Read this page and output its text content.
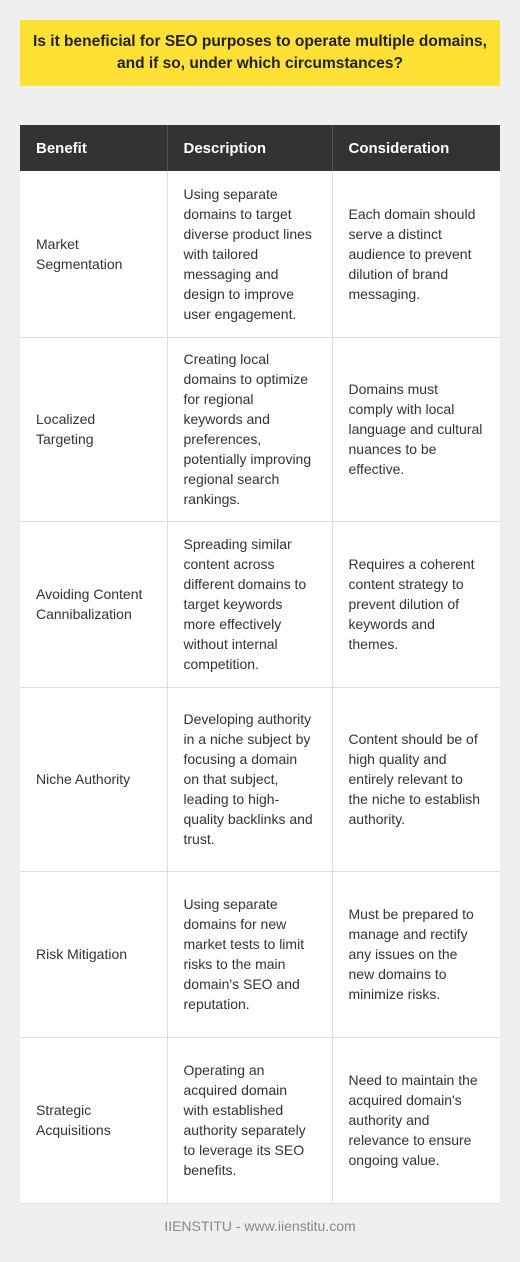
Is it beneficial for SEO purposes to operate multiple domains, and if so, under which circumstances?
Benefit	Description	Consideration
Market Segmentation	Using separate domains to target diverse product lines with tailored messaging and design to improve user engagement.	Each domain should serve a distinct audience to prevent dilution of brand messaging.
Localized Targeting	Creating local domains to optimize for regional keywords and preferences, potentially improving regional search rankings.	Domains must comply with local language and cultural nuances to be effective.
Avoiding Content Cannibalization	Spreading similar content across different domains to target keywords more effectively without internal competition.	Requires a coherent content strategy to prevent dilution of keywords and themes.
Niche Authority	Developing authority in a niche subject by focusing a domain on that subject, leading to high-quality backlinks and trust.	Content should be of high quality and entirely relevant to the niche to establish authority.
Risk Mitigation	Using separate domains for new market tests to limit risks to the main domain's SEO and reputation.	Must be prepared to manage and rectify any issues on the new domains to minimize risks.
Strategic Acquisitions	Operating an acquired domain with established authority separately to leverage its SEO benefits.	Need to maintain the acquired domain's authority and relevance to ensure ongoing value.
IIENSTITU - www.iienstitu.com
